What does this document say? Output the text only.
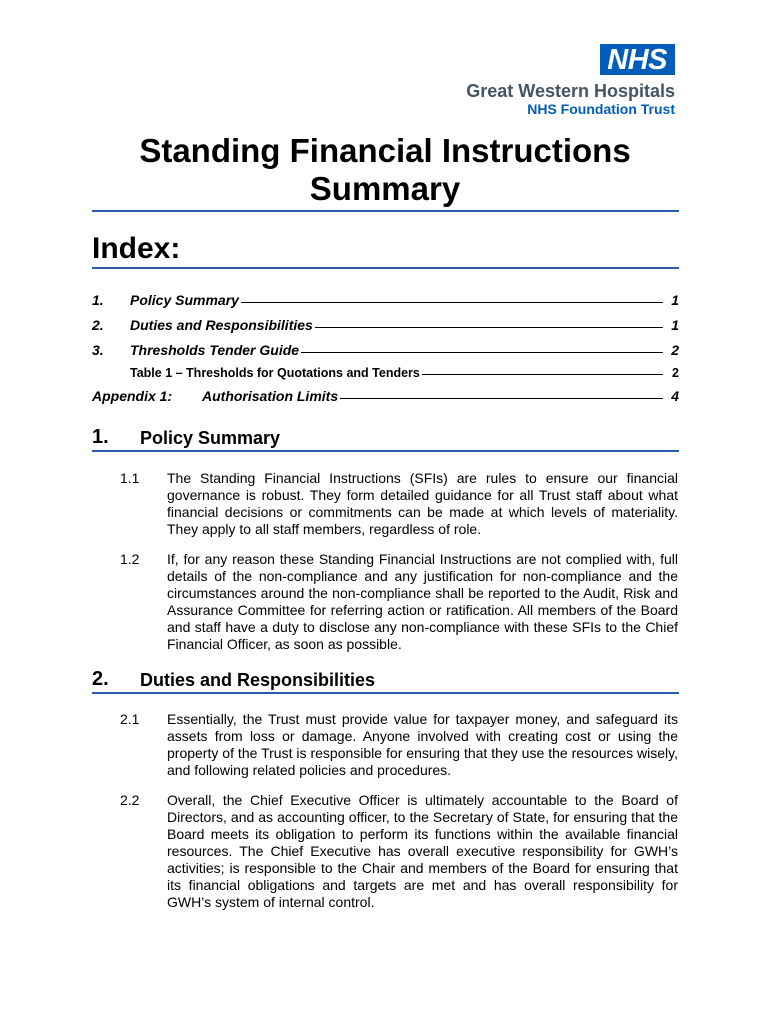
NHS
Great Western Hospitals
NHS Foundation Trust
Standing Financial Instructions
Summary
Index:
1.	Policy Summary	1
2.	Duties and Responsibilities	1
3.	Thresholds Tender Guide	2
Table 1 – Thresholds for Quotations and Tenders	2
Appendix 1:	Authorisation Limits	4
1. Policy Summary
1.1 The Standing Financial Instructions (SFIs) are rules to ensure our financial governance is robust. They form detailed guidance for all Trust staff about what financial decisions or commitments can be made at which levels of materiality. They apply to all staff members, regardless of role.
1.2 If, for any reason these Standing Financial Instructions are not complied with, full details of the non-compliance and any justification for non-compliance and the circumstances around the non-compliance shall be reported to the Audit, Risk and Assurance Committee for referring action or ratification. All members of the Board and staff have a duty to disclose any non-compliance with these SFIs to the Chief Financial Officer, as soon as possible.
2. Duties and Responsibilities
2.1 Essentially, the Trust must provide value for taxpayer money, and safeguard its assets from loss or damage. Anyone involved with creating cost or using the property of the Trust is responsible for ensuring that they use the resources wisely, and following related policies and procedures.
2.2 Overall, the Chief Executive Officer is ultimately accountable to the Board of Directors, and as accounting officer, to the Secretary of State, for ensuring that the Board meets its obligation to perform its functions within the available financial resources. The Chief Executive has overall executive responsibility for GWH’s activities; is responsible to the Chair and members of the Board for ensuring that its financial obligations and targets are met and has overall responsibility for GWH’s system of internal control.
